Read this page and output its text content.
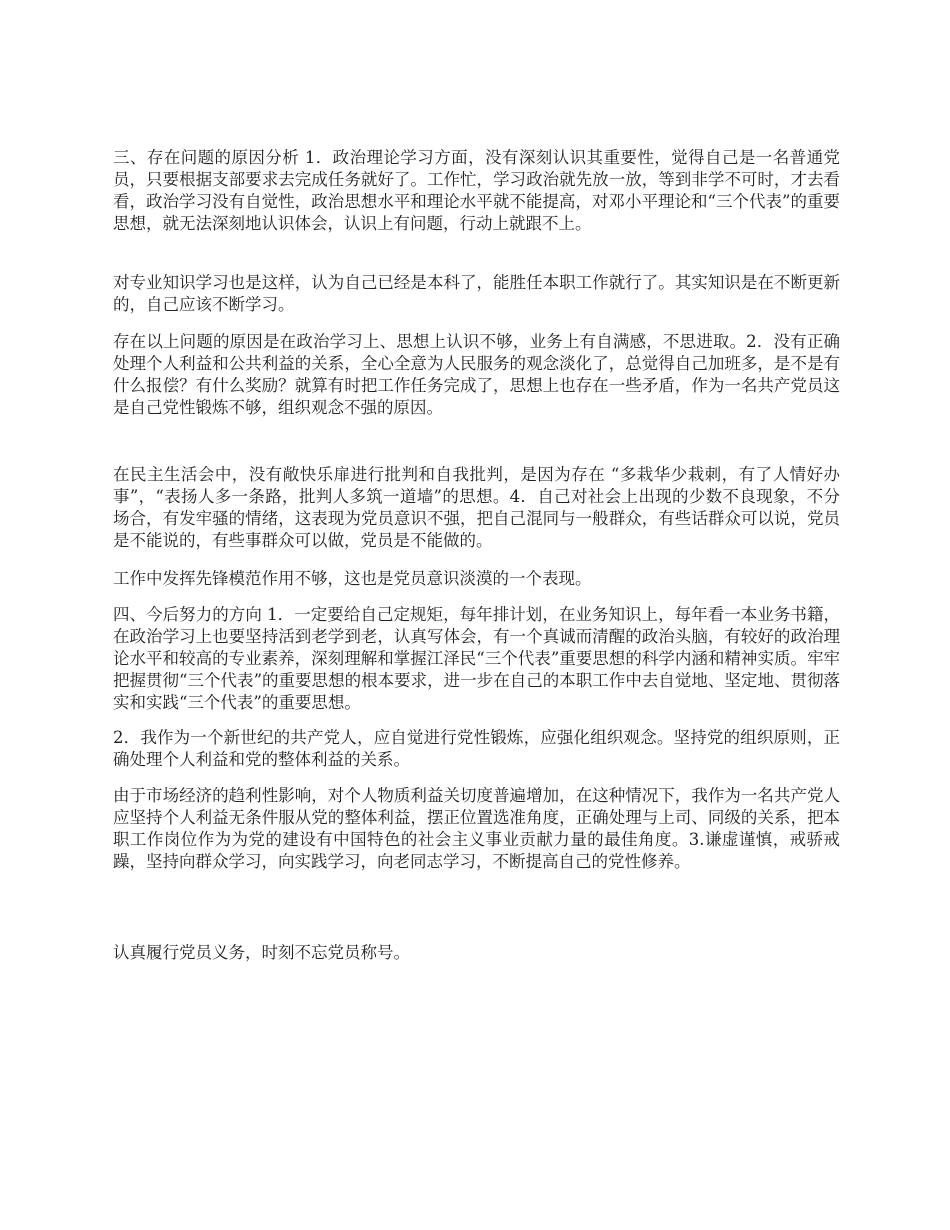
三、存在问题的原因分析 1．政治理论学习方面，没有深刻认识其重要性，觉得自己是一名普通党员，只要根据支部要求去完成任务就好了。工作忙，学习政治就先放一放，等到非学不可时，才去看看，政治学习没有自觉性，政治思想水平和理论水平就不能提高，对邓小平理论和“三个代表”的重要思想，就无法深刻地认识体会，认识上有问题，行动上就跟不上。

对专业知识学习也是这样，认为自己已经是本科了，能胜任本职工作就行了。其实知识是在不断更新的，自己应该不断学习。

存在以上问题的原因是在政治学习上、思想上认识不够，业务上有自满感，不思进取。2．没有正确处理个人利益和公共利益的关系，全心全意为人民服务的观念淡化了，总觉得自己加班多，是不是有什么报偿？有什么奖励？就算有时把工作任务完成了，思想上也存在一些矛盾，作为一名共产党员这是自己党性锻炼不够，组织观念不强的原因。

在民主生活会中，没有敞快乐扉进行批判和自我批判，是因为存在 “多栽华少栽刺，有了人情好办事”，“表扬人多一条路，批判人多筑一道墙”的思想。4．自己对社会上出现的少数不良现象，不分场合，有发牢骚的情绪，这表现为党员意识不强，把自己混同与一般群众，有些话群众可以说，党员是不能说的，有些事群众可以做，党员是不能做的。

工作中发挥先锋模范作用不够，这也是党员意识淡漠的一个表现。

四、今后努力的方向 1．一定要给自己定规矩，每年排计划，在业务知识上，每年看一本业务书籍，在政治学习上也要坚持活到老学到老，认真写体会，有一个真诚而清醒的政治头脑，有较好的政治理论水平和较高的专业素养，深刻理解和掌握江泽民“三个代表”重要思想的科学内涵和精神实质。牢牢把握贯彻“三个代表”的重要思想的根本要求，进一步在自己的本职工作中去自觉地、坚定地、贯彻落实和实践“三个代表”的重要思想。

2．我作为一个新世纪的共产党人，应自觉进行党性锻炼，应强化组织观念。坚持党的组织原则，正确处理个人利益和党的整体利益的关系。

由于市场经济的趋利性影响，对个人物质利益关切度普遍增加，在这种情况下，我作为一名共产党人应坚持个人利益无条件服从党的整体利益，摆正位置选准角度，正确处理与上司、同级的关系，把本职工作岗位作为为党的建设有中国特色的社会主义事业贡献力量的最佳角度。3.谦虚谨慎，戒骄戒躁，坚持向群众学习，向实践学习，向老同志学习，不断提高自己的党性修养。

认真履行党员义务，时刻不忘党员称号。
